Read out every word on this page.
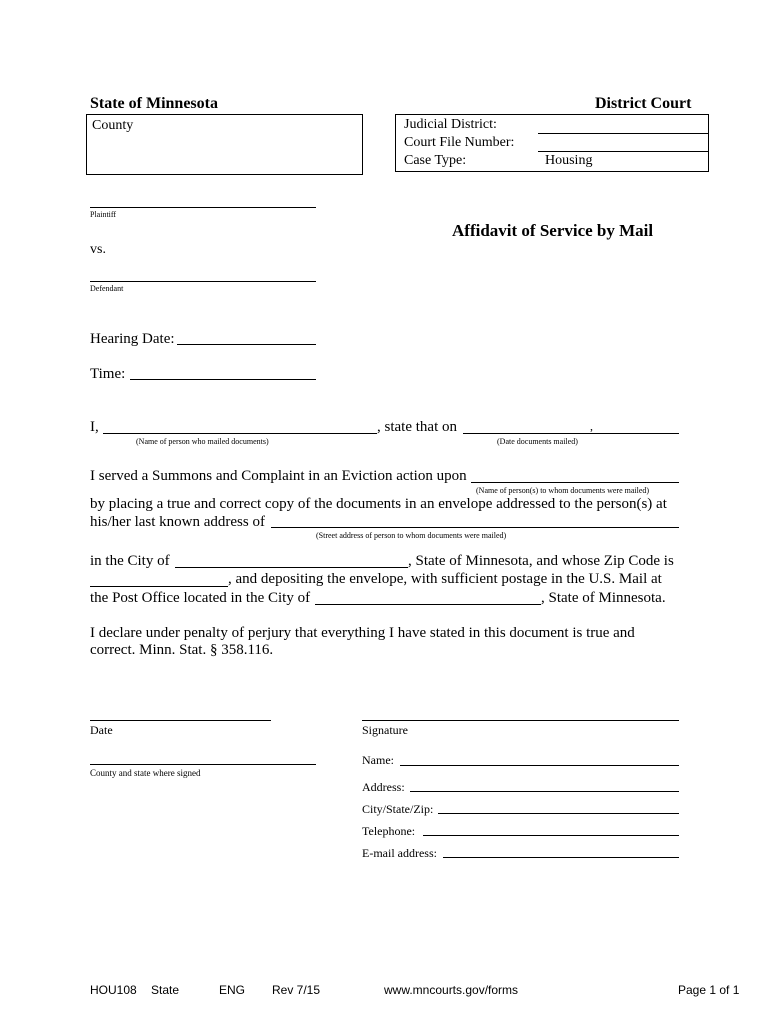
State of Minnesota	District Court
County	Judicial District:
Court File Number:
Case Type:	Housing
Plaintiff
vs.
Defendant
Affidavit of Service by Mail
Hearing Date:
Time:
I,	, state that on	,
(Name of person who mailed documents)	(Date documents mailed)
I served a Summons and Complaint in an Eviction action upon
(Name of person(s) to whom documents were mailed)
by placing a true and correct copy of the documents in an envelope addressed to the person(s) at
his/her last known address of
(Street address of person to whom documents were mailed)
in the City of	, State of Minnesota, and whose Zip Code is
, and depositing the envelope, with sufficient postage in the U.S. Mail at
the Post Office located in the City of	, State of Minnesota.
I declare under penalty of perjury that everything I have stated in this document is true and
correct. Minn. Stat. § 358.116.
Date
County and state where signed
Signature
Name:
Address:
City/State/Zip:
Telephone:
E-mail address:
HOU108 State	ENG Rev 7/15	www.mncourts.gov/forms	Page 1 of 1
